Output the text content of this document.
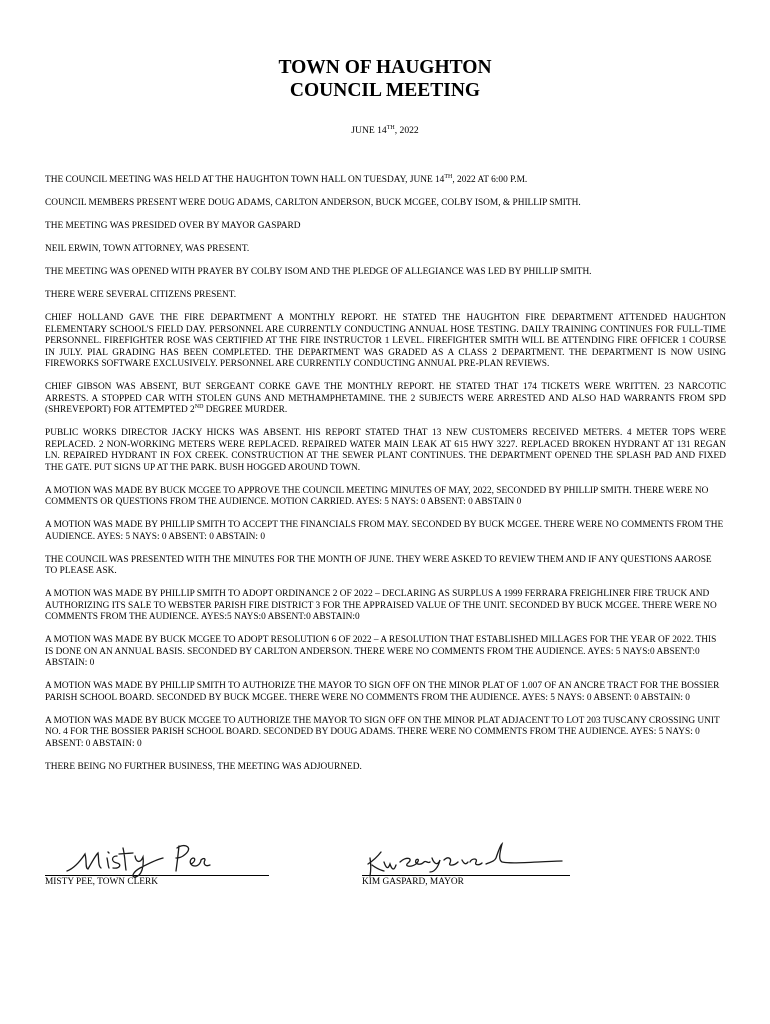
TOWN OF HAUGHTON
COUNCIL MEETING
JUNE 14TH, 2022

THE COUNCIL MEETING WAS HELD AT THE HAUGHTON TOWN HALL ON TUESDAY, JUNE 14TH, 2022 AT 6:00 P.M.

COUNCIL MEMBERS PRESENT WERE DOUG ADAMS, CARLTON ANDERSON, BUCK MCGEE, COLBY ISOM, & PHILLIP SMITH.

THE MEETING WAS PRESIDED OVER BY MAYOR GASPARD

NEIL ERWIN, TOWN ATTORNEY, WAS PRESENT.

THE MEETING WAS OPENED WITH PRAYER BY COLBY ISOM AND THE PLEDGE OF ALLEGIANCE WAS LED BY PHILLIP SMITH.

THERE WERE SEVERAL CITIZENS PRESENT.

CHIEF HOLLAND GAVE THE FIRE DEPARTMENT A MONTHLY REPORT. HE STATED THE HAUGHTON FIRE DEPARTMENT ATTENDED HAUGHTON ELEMENTARY SCHOOL'S FIELD DAY. PERSONNEL ARE CURRENTLY CONDUCTING ANNUAL HOSE TESTING. DAILY TRAINING CONTINUES FOR FULL-TIME PERSONNEL. FIREFIGHTER ROSE WAS CERTIFIED AT THE FIRE INSTRUCTOR 1 LEVEL. FIREFIGHTER SMITH WILL BE ATTENDING FIRE OFFICER 1 COURSE IN JULY. PIAL GRADING HAS BEEN COMPLETED. THE DEPARTMENT WAS GRADED AS A CLASS 2 DEPARTMENT. THE DEPARTMENT IS NOW USING FIREWORKS SOFTWARE EXCLUSIVELY. PERSONNEL ARE CURRENTLY CONDUCTING ANNUAL PRE-PLAN REVIEWS.

CHIEF GIBSON WAS ABSENT, BUT SERGEANT CORKE GAVE THE MONTHLY REPORT. HE STATED THAT 174 TICKETS WERE WRITTEN. 23 NARCOTIC ARRESTS. A STOPPED CAR WITH STOLEN GUNS AND METHAMPHETAMINE. THE 2 SUBJECTS WERE ARRESTED AND ALSO HAD WARRANTS FROM SPD (SHREVEPORT) FOR ATTEMPTED 2ND DEGREE MURDER.

PUBLIC WORKS DIRECTOR JACKY HICKS WAS ABSENT. HIS REPORT STATED THAT 13 NEW CUSTOMERS RECEIVED METERS. 4 METER TOPS WERE REPLACED. 2 NON-WORKING METERS WERE REPLACED. REPAIRED WATER MAIN LEAK AT 615 HWY 3227. REPLACED BROKEN HYDRANT AT 131 REGAN LN. REPAIRED HYDRANT IN FOX CREEK. CONSTRUCTION AT THE SEWER PLANT CONTINUES. THE DEPARTMENT OPENED THE SPLASH PAD AND FIXED THE GATE. PUT SIGNS UP AT THE PARK. BUSH HOGGED AROUND TOWN.

A MOTION WAS MADE BY BUCK MCGEE TO APPROVE THE COUNCIL MEETING MINUTES OF MAY, 2022, SECONDED BY PHILLIP SMITH. THERE WERE NO COMMENTS OR QUESTIONS FROM THE AUDIENCE. MOTION CARRIED. AYES: 5 NAYS: 0 ABSENT: 0 ABSTAIN 0

A MOTION WAS MADE BY PHILLIP SMITH TO ACCEPT THE FINANCIALS FROM MAY. SECONDED BY BUCK MCGEE. THERE WERE NO COMMENTS FROM THE AUDIENCE. AYES: 5 NAYS: 0 ABSENT: 0 ABSTAIN: 0

THE COUNCIL WAS PRESENTED WITH THE MINUTES FOR THE MONTH OF JUNE. THEY WERE ASKED TO REVIEW THEM AND IF ANY QUESTIONS AAROSE TO PLEASE ASK.

A MOTION WAS MADE BY PHILLIP SMITH TO ADOPT ORDINANCE 2 OF 2022 – DECLARING AS SURPLUS A 1999 FERRARA FREIGHLINER FIRE TRUCK AND AUTHORIZING ITS SALE TO WEBSTER PARISH FIRE DISTRICT 3 FOR THE APPRAISED VALUE OF THE UNIT. SECONDED BY BUCK MCGEE. THERE WERE NO COMMENTS FROM THE AUDIENCE. AYES:5 NAYS:0 ABSENT:0 ABSTAIN:0

A MOTION WAS MADE BY BUCK MCGEE TO ADOPT RESOLUTION 6 OF 2022 – A RESOLUTION THAT ESTABLISHED MILLAGES FOR THE YEAR OF 2022. THIS IS DONE ON AN ANNUAL BASIS. SECONDED BY CARLTON ANDERSON. THERE WERE NO COMMENTS FROM THE AUDIENCE. AYES: 5 NAYS:0 ABSENT:0 ABSTAIN: 0

A MOTION WAS MADE BY PHILLIP SMITH TO AUTHORIZE THE MAYOR TO SIGN OFF ON THE MINOR PLAT OF 1.007 OF AN ANCRE TRACT FOR THE BOSSIER PARISH SCHOOL BOARD. SECONDED BY BUCK MCGEE. THERE WERE NO COMMENTS FROM THE AUDIENCE. AYES: 5 NAYS: 0 ABSENT: 0 ABSTAIN: 0

A MOTION WAS MADE BY BUCK MCGEE TO AUTHORIZE THE MAYOR TO SIGN OFF ON THE MINOR PLAT ADJACENT TO LOT 203 TUSCANY CROSSING UNIT NO. 4 FOR THE BOSSIER PARISH SCHOOL BOARD. SECONDED BY DOUG ADAMS. THERE WERE NO COMMENTS FROM THE AUDIENCE. AYES: 5 NAYS: 0 ABSENT: 0 ABSTAIN: 0

THERE BEING NO FURTHER BUSINESS, THE MEETING WAS ADJOURNED.

MISTY PEE, TOWN CLERK	KIM GASPARD, MAYOR
